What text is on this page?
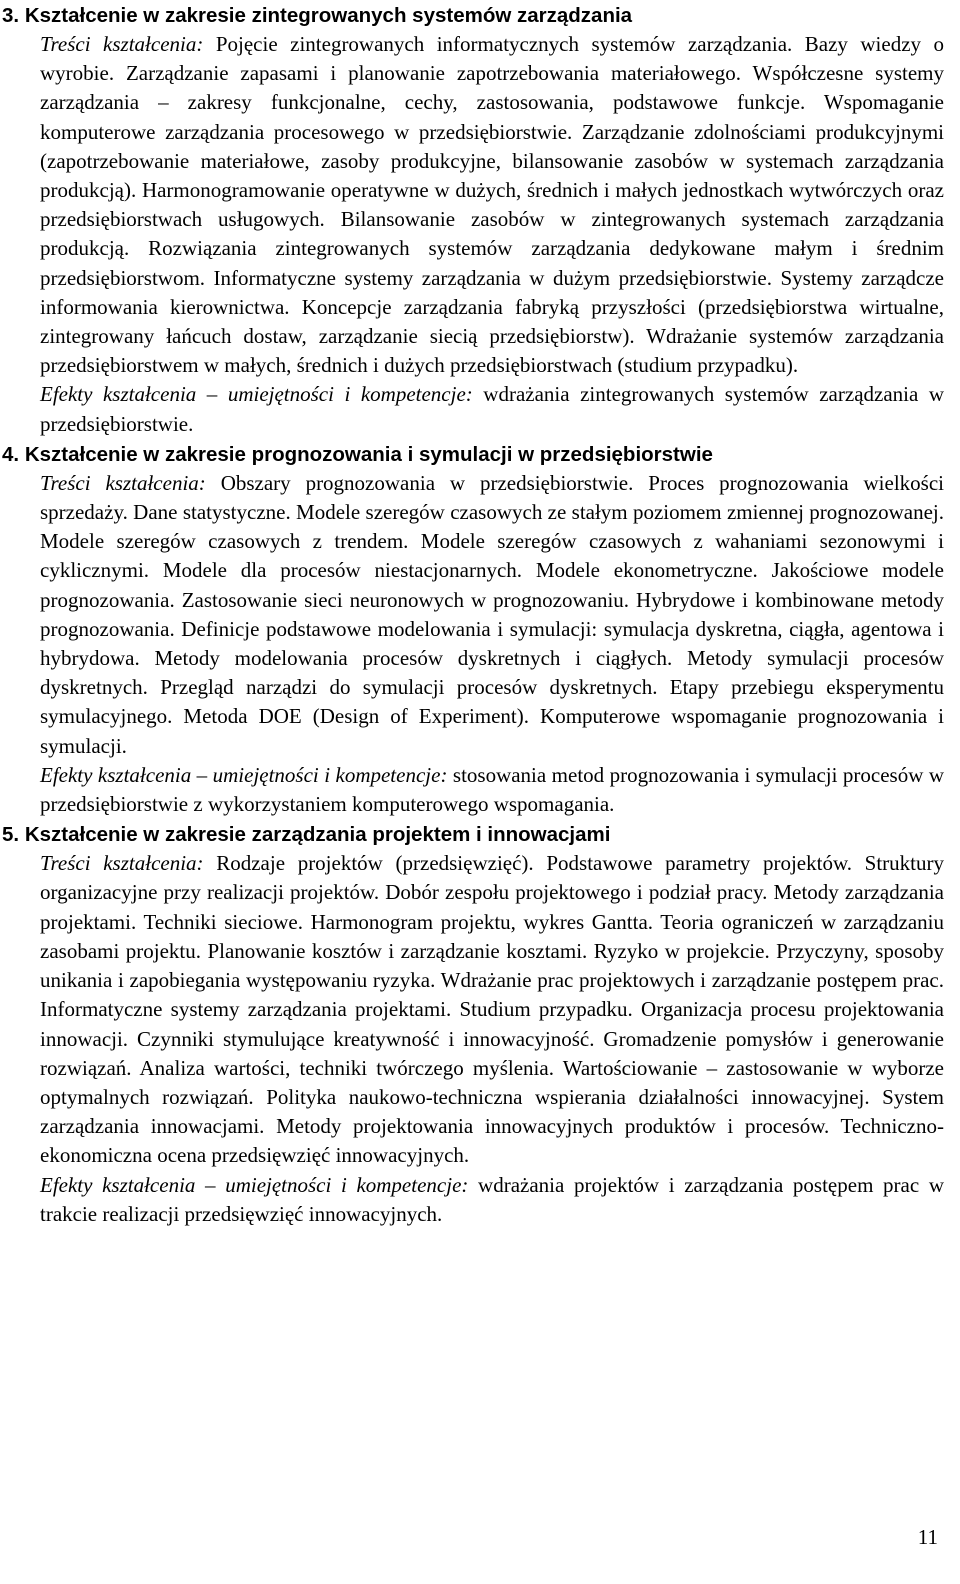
3. Kształcenie w zakresie zintegrowanych systemów zarządzania

Treści kształcenia: Pojęcie zintegrowanych informatycznych systemów zarządzania. Bazy wiedzy o wyrobie. Zarządzanie zapasami i planowanie zapotrzebowania materiałowego. Współczesne systemy zarządzania – zakresy funkcjonalne, cechy, zastosowania, podstawowe funkcje. Wspomaganie komputerowe zarządzania procesowego w przedsiębiorstwie. Zarządzanie zdolnościami produkcyjnymi (zapotrzebowanie materiałowe, zasoby produkcyjne, bilansowanie zasobów w systemach zarządzania produkcją). Harmonogramowanie operatywne w dużych, średnich i małych jednostkach wytwórczych oraz przedsiębiorstwach usługowych. Bilansowanie zasobów w zintegrowanych systemach zarządzania produkcją. Rozwiązania zintegrowanych systemów zarządzania dedykowane małym i średnim przedsiębiorstwom. Informatyczne systemy zarządzania w dużym przedsiębiorstwie. Systemy zarządcze informowania kierownictwa. Koncepcje zarządzania fabryką przyszłości (przedsiębiorstwa wirtualne, zintegrowany łańcuch dostaw, zarządzanie siecią przedsiębiorstw). Wdrażanie systemów zarządzania przedsiębiorstwem w małych, średnich i dużych przedsiębiorstwach (studium przypadku).

Efekty kształcenia – umiejętności i kompetencje: wdrażania zintegrowanych systemów zarządzania w przedsiębiorstwie.

4. Kształcenie w zakresie prognozowania i symulacji w przedsiębiorstwie

Treści kształcenia: Obszary prognozowania w przedsiębiorstwie. Proces prognozowania wielkości sprzedaży. Dane statystyczne. Modele szeregów czasowych ze stałym poziomem zmiennej prognozowanej. Modele szeregów czasowych z trendem. Modele szeregów czasowych z wahaniami sezonowymi i cyklicznymi. Modele dla procesów niestacjonarnych. Modele ekonometryczne. Jakościowe modele prognozowania. Zastosowanie sieci neuronowych w prognozowaniu. Hybrydowe i kombinowane metody prognozowania. Definicje podstawowe modelowania i symulacji: symulacja dyskretna, ciągła, agentowa i hybrydowa. Metody modelowania procesów dyskretnych i ciągłych. Metody symulacji procesów dyskretnych. Przegląd narządzi do symulacji procesów dyskretnych. Etapy przebiegu eksperymentu symulacyjnego. Metoda DOE (Design of Experiment). Komputerowe wspomaganie prognozowania i symulacji.

Efekty kształcenia – umiejętności i kompetencje: stosowania metod prognozowania i symulacji procesów w przedsiębiorstwie z wykorzystaniem komputerowego wspomagania.

5. Kształcenie w zakresie zarządzania projektem i innowacjami

Treści kształcenia: Rodzaje projektów (przedsięwzięć). Podstawowe parametry projektów. Struktury organizacyjne przy realizacji projektów. Dobór zespołu projektowego i podział pracy. Metody zarządzania projektami. Techniki sieciowe. Harmonogram projektu, wykres Gantta. Teoria ograniczeń w zarządzaniu zasobami projektu. Planowanie kosztów i zarządzanie kosztami. Ryzyko w projekcie. Przyczyny, sposoby unikania i zapobiegania występowaniu ryzyka. Wdrażanie prac projektowych i zarządzanie postępem prac. Informatyczne systemy zarządzania projektami. Studium przypadku. Organizacja procesu projektowania innowacji. Czynniki stymulujące kreatywność i innowacyjność. Gromadzenie pomysłów i generowanie rozwiązań. Analiza wartości, techniki twórczego myślenia. Wartościowanie – zastosowanie w wyborze optymalnych rozwiązań. Polityka naukowo-techniczna wspierania działalności innowacyjnej. System zarządzania innowacjami. Metody projektowania innowacyjnych produktów i procesów. Techniczno-ekonomiczna ocena przedsięwzięć innowacyjnych.

Efekty kształcenia – umiejętności i kompetencje: wdrażania projektów i zarządzania postępem prac w trakcie realizacji przedsięwzięć innowacyjnych.

11
